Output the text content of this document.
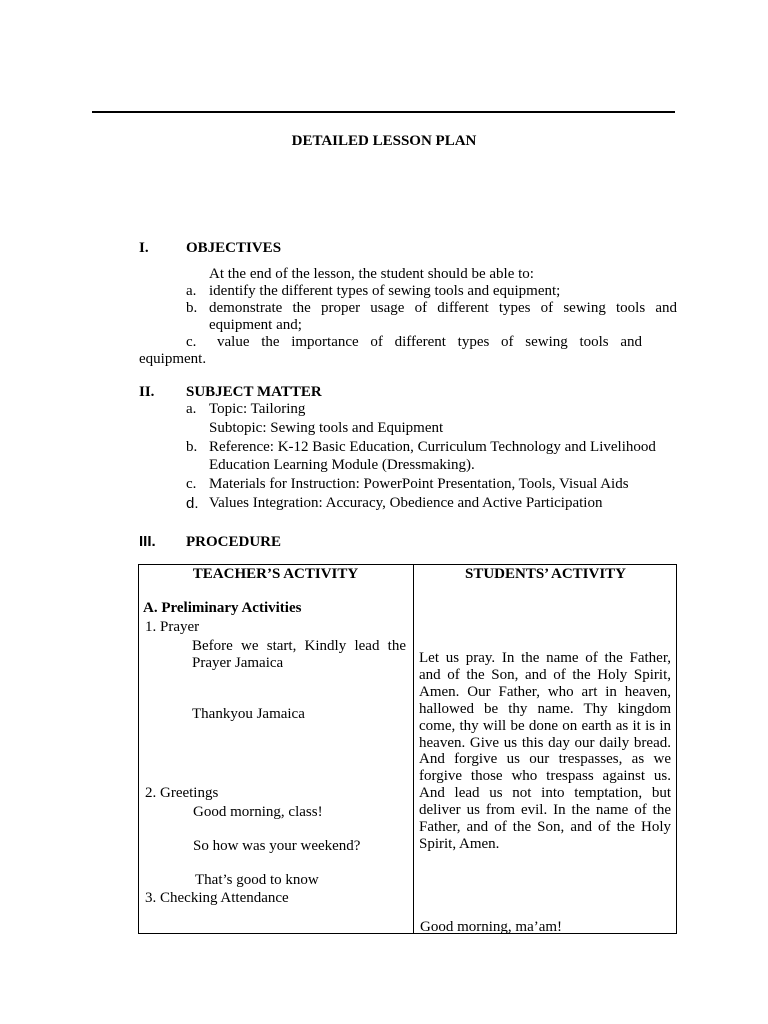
DETAILED LESSON PLAN
I. OBJECTIVES
At the end of the lesson, the student should be able to:
a. identify the different types of sewing tools and equipment;
b. demonstrate the proper usage of different types of sewing tools and
equipment and;
c. value the importance of different types of sewing tools and
equipment.
II. SUBJECT MATTER
a. Topic: Tailoring
Subtopic: Sewing tools and Equipment
b. Reference: K-12 Basic Education, Curriculum Technology and Livelihood
Education Learning Module (Dressmaking).
c. Materials for Instruction: PowerPoint Presentation, Tools, Visual Aids
d. Values Integration: Accuracy, Obedience and Active Participation
III. PROCEDURE
TEACHER’S ACTIVITY	STUDENTS’ ACTIVITY
A. Preliminary Activities
1. Prayer
Before we start, Kindly lead the
Prayer Jamaica
Thankyou Jamaica
2. Greetings
Good morning, class!
So how was your weekend?
That’s good to know
3. Checking Attendance
Let us pray. In the name of the Father, and of the Son, and of the Holy Spirit, Amen. Our Father, who art in heaven, hallowed be thy name. Thy kingdom come, thy will be done on earth as it is in heaven. Give us this day our daily bread. And forgive us our trespasses, as we forgive those who trespass against us. And lead us not into temptation, but deliver us from evil. In the name of the Father, and of the Son, and of the Holy Spirit, Amen.
Good morning, ma’am!
